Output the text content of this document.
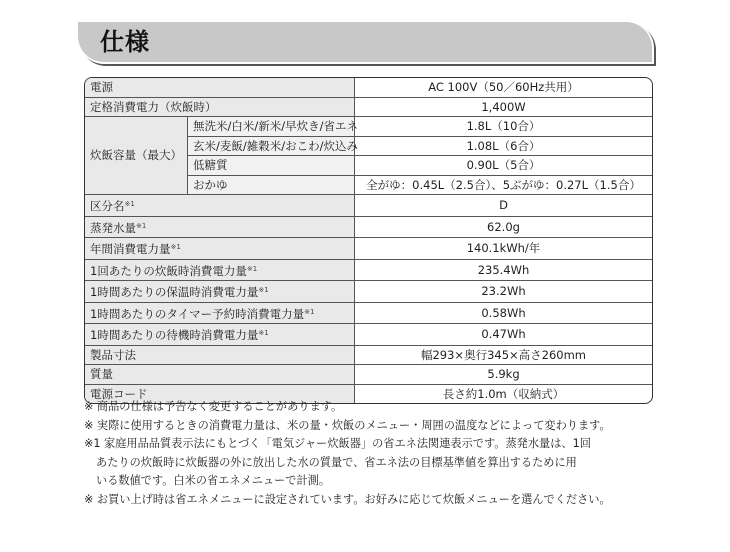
仕様
電源		AC 100V（50／60Hz共用）
定格消費電力（炊飯時）		1,400W
炊飯容量（最大）	無洗米/白米/新米/早炊き/省エネ	1.8L（10合）
	玄米/麦飯/雑穀米/おこわ/炊込み	1.08L（6合）
	低糖質	0.90L（5合）
	おかゆ	全がゆ：0.45L（2.5合）、5ぶがゆ：0.27L（1.5合）
区分名$^{※1}$		D
蒸発水量$^{※1}$		62.0g
年間消費電力量$^{※1}$		140.1kWh/年
1回あたりの炊飯時消費電力量$^{※1}$		235.4Wh
1時間あたりの保温時消費電力量$^{※1}$		23.2Wh
1時間あたりのタイマー予約時消費電力量$^{※1}$		0.58Wh
1時間あたりの待機時消費電力量$^{※1}$		0.47Wh
製品寸法		幅293×奥行345×高さ260mm
質量		5.9kg
電源コード		長さ約1.0m（収納式）
※ 商品の仕様は予告なく変更することがあります。
※ 実際に使用するときの消費電力量は、米の量・炊飯のメニュー・周囲の温度などによって変わります。
※1 家庭用品品質表示法にもとづく「電気ジャー炊飯器」の省エネ法関連表示です。蒸発水量は、1回
あたりの炊飯時に炊飯器の外に放出した水の質量で、省エネ法の目標基準値を算出するために用
いる数値です。白米の省エネメニューで計測。
※ お買い上げ時は省エネメニューに設定されています。お好みに応じて炊飯メニューを選んでください。
